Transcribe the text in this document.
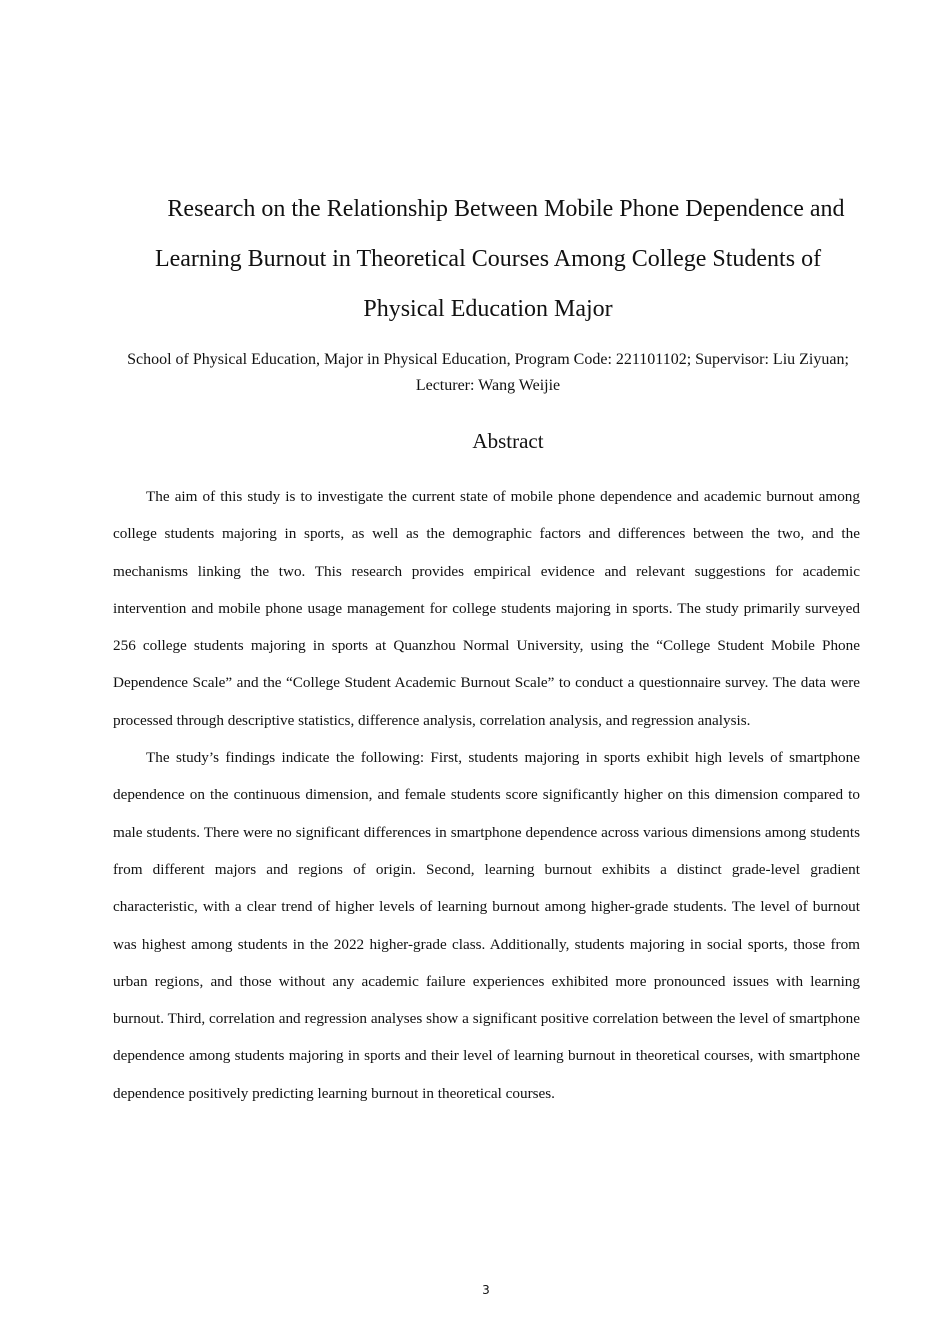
Research on the Relationship Between Mobile Phone Dependence and Learning Burnout in Theoretical Courses Among College Students of Physical Education Major

School of Physical Education, Major in Physical Education, Program Code: 221101102; Supervisor: Liu Ziyuan; Lecturer: Wang Weijie

Abstract

The aim of this study is to investigate the current state of mobile phone dependence and academic burnout among college students majoring in sports, as well as the demographic factors and differences between the two, and the mechanisms linking the two. This research provides empirical evidence and relevant suggestions for academic intervention and mobile phone usage management for college students majoring in sports. The study primarily surveyed 256 college students majoring in sports at Quanzhou Normal University, using the “College Student Mobile Phone Dependence Scale” and the “College Student Academic Burnout Scale” to conduct a questionnaire survey. The data were processed through descriptive statistics, difference analysis, correlation analysis, and regression analysis.

The study’s findings indicate the following: First, students majoring in sports exhibit high levels of smartphone dependence on the continuous dimension, and female students score significantly higher on this dimension compared to male students. There were no significant differences in smartphone dependence across various dimensions among students from different majors and regions of origin. Second, learning burnout exhibits a distinct grade-level gradient characteristic, with a clear trend of higher levels of learning burnout among higher-grade students. The level of burnout was highest among students in the 2022 higher-grade class. Additionally, students majoring in social sports, those from urban regions, and those without any academic failure experiences exhibited more pronounced issues with learning burnout. Third, correlation and regression analyses show a significant positive correlation between the level of smartphone dependence among students majoring in sports and their level of learning burnout in theoretical courses, with smartphone dependence positively predicting learning burnout in theoretical courses.

3
